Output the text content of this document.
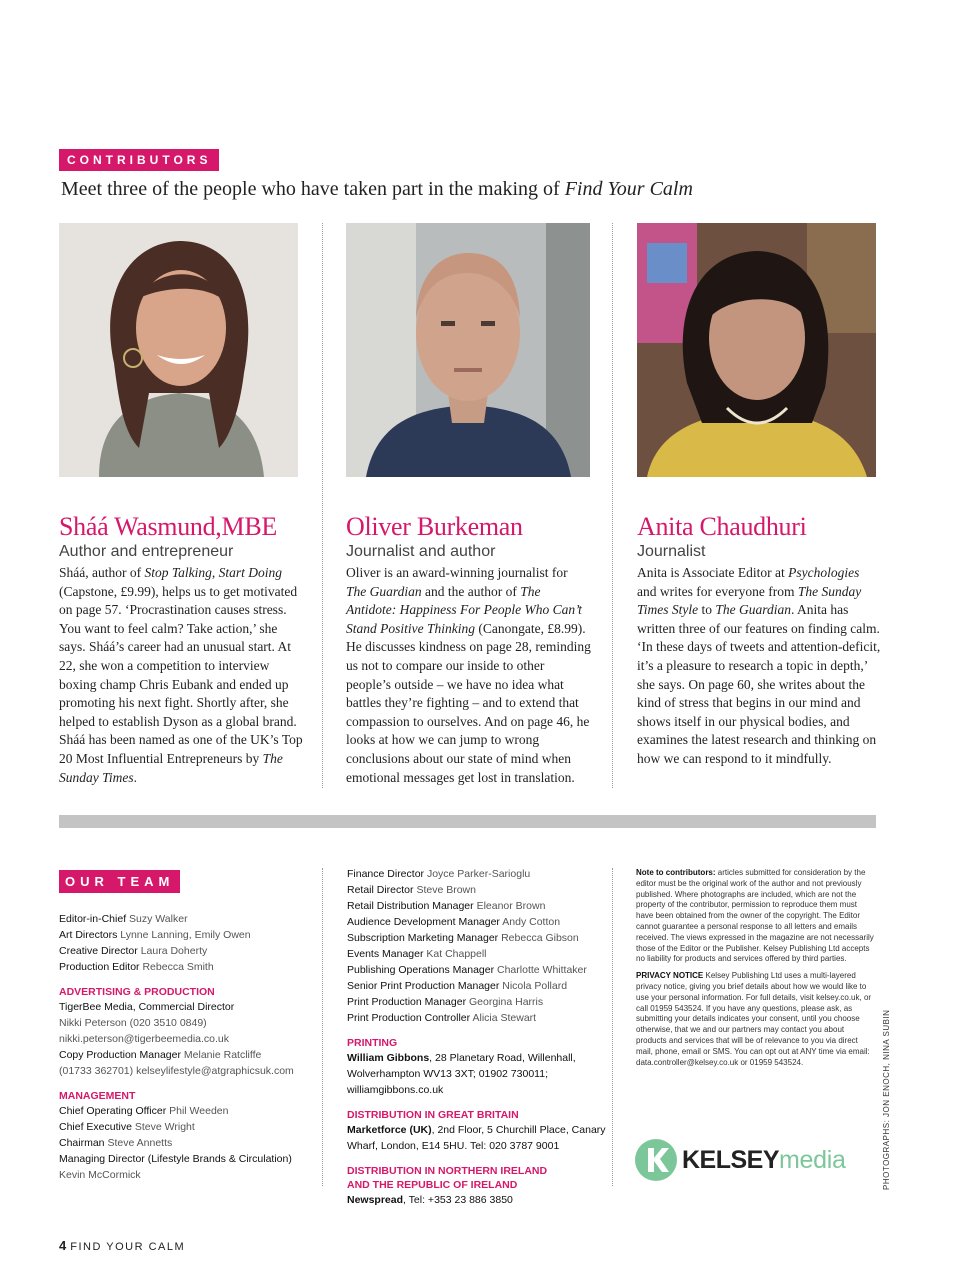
CONTRIBUTORS
Meet three of the people who have taken part in the making of Find Your Calm
Sháá Wasmund,MBE
Author and entrepreneur
Sháá, author of Stop Talking, Start Doing (Capstone, £9.99), helps us to get motivated on page 57. ‘Procrastination causes stress. You want to feel calm? Take action,’ she says. Sháá’s career had an unusual start. At 22, she won a competition to interview boxing champ Chris Eubank and ended up promoting his next fight. Shortly after, she helped to establish Dyson as a global brand. Sháá has been named as one of the UK’s Top 20 Most Influential Entrepreneurs by The Sunday Times.
Oliver Burkeman
Journalist and author
Oliver is an award-winning journalist for The Guardian and the author of The Antidote: Happiness For People Who Can’t Stand Positive Thinking (Canongate, £8.99). He discusses kindness on page 28, reminding us not to compare our inside to other people’s outside – we have no idea what battles they’re fighting – and to extend that compassion to ourselves. And on page 46, he looks at how we can jump to wrong conclusions about our state of mind when emotional messages get lost in translation.
Anita Chaudhuri
Journalist
Anita is Associate Editor at Psychologies and writes for everyone from The Sunday Times Style to The Guardian. Anita has written three of our features on finding calm. ‘In these days of tweets and attention-deficit, it’s a pleasure to research a topic in depth,’ she says. On page 60, she writes about the kind of stress that begins in our mind and shows itself in our physical bodies, and examines the latest research and thinking on how we can respond to it mindfully.
OUR TEAM
Editor-in-Chief Suzy Walker
Art Directors Lynne Lanning, Emily Owen
Creative Director Laura Doherty
Production Editor Rebecca Smith
ADVERTISING & PRODUCTION
TigerBee Media, Commercial Director
Nikki Peterson (020 3510 0849)
nikki.peterson@tigerbeemedia.co.uk
Copy Production Manager Melanie Ratcliffe
(01733 362701) kelseylifestyle@atgraphicsuk.com
MANAGEMENT
Chief Operating Officer Phil Weeden
Chief Executive Steve Wright
Chairman Steve Annetts
Managing Director (Lifestyle Brands & Circulation)
Kevin McCormick
Finance Director Joyce Parker-Sarioglu
Retail Director Steve Brown
Retail Distribution Manager Eleanor Brown
Audience Development Manager Andy Cotton
Subscription Marketing Manager Rebecca Gibson
Events Manager Kat Chappell
Publishing Operations Manager Charlotte Whittaker
Senior Print Production Manager Nicola Pollard
Print Production Manager Georgina Harris
Print Production Controller Alicia Stewart
PRINTING
William Gibbons, 28 Planetary Road, Willenhall,
Wolverhampton WV13 3XT; 01902 730011;
williamgibbons.co.uk
DISTRIBUTION IN GREAT BRITAIN
Marketforce (UK), 2nd Floor, 5 Churchill Place, Canary
Wharf, London, E14 5HU. Tel: 020 3787 9001
DISTRIBUTION IN NORTHERN IRELAND
AND THE REPUBLIC OF IRELAND
Newspread, Tel: +353 23 886 3850

Note to contributors: articles submitted for consideration by the editor must be the original work of the author and not previously published. Where photographs are included, which are not the property of the contributor, permission to reproduce them must have been obtained from the owner of the copyright. The Editor cannot guarantee a personal response to all letters and emails received. The views expressed in the magazine are not necessarily those of the Editor or the Publisher. Kelsey Publishing Ltd accepts no liability for products and services offered by third parties.

PRIVACY NOTICE Kelsey Publishing Ltd uses a multi-layered privacy notice, giving you brief details about how we would like to use your personal information. For full details, visit kelsey.co.uk, or call 01959 543524. If you have any questions, please ask, as submitting your details indicates your consent, until you choose otherwise, that we and our partners may contact you about products and services that will be of relevance to you via direct mail, phone, email or SMS. You can opt out at ANY time via email: data.controller@kelsey.co.uk or 01959 543524.

KELSEY media	PHOTOGRAPHS: JON ENOCH, NINA SUBIN
4 FIND YOUR CALM
